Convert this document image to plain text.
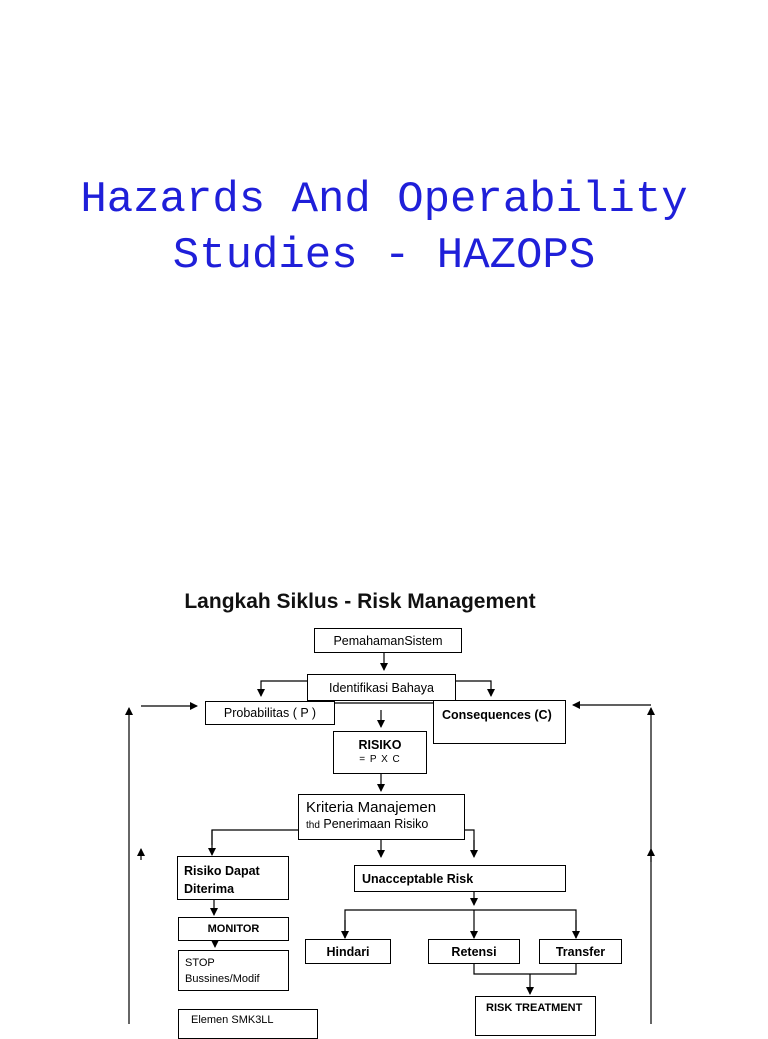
Hazards And Operability
Studies - HAZOPS
Langkah Siklus - Risk Management
PemahamanSistem
Identifikasi Bahaya
Probabilitas ( P )	Consequences (C)
RISIKO
= P X C
Kriteria Manajemen
thd Penerimaan Risiko
Risiko Dapat
Diterima
Unacceptable Risk
MONITOR
STOP
Bussines/Modif
Hindari	Retensi	Transfer
RISK TREATMENT
Elemen SMK3LL
